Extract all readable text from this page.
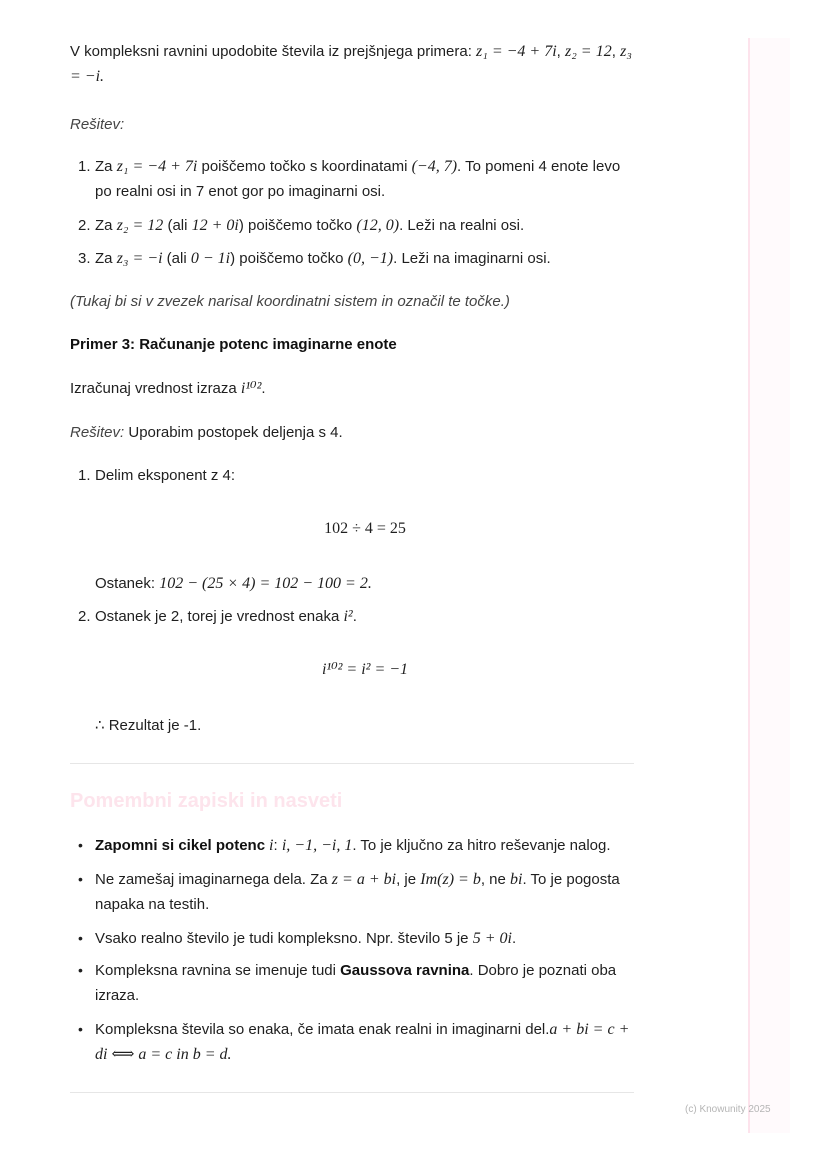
V kompleksni ravnini upodobite števila iz prejšnjega primera: z₁ = −4 + 7i, z₂ = 12, z₃ = −i.
Rešitev:
1. Za z₁ = −4 + 7i poiščemo točko s koordinatami (−4, 7). To pomeni 4 enote levo po realni osi in 7 enot gor po imaginarni osi.
2. Za z₂ = 12 (ali 12 + 0i) poiščemo točko (12, 0). Leži na realni osi.
3. Za z₃ = −i (ali 0 − 1i) poiščemo točko (0, −1). Leži na imaginarni osi.
(Tukaj bi si v zvezek narisal koordinatni sistem in označil te točke.)
Primer 3: Računanje potenc imaginarne enote
Izračunaj vrednost izraza i¹⁰².
Rešitev: Uporabim postopek deljenja s 4.
1. Delim eksponent z 4:
102 ÷ 4 = 25
Ostanek: 102 − (25 × 4) = 102 − 100 = 2.
2. Ostanek je 2, torej je vrednost enaka i².
i¹⁰² = i² = −1
∴ Rezultat je -1.
Pomembni zapiski in nasveti
• Zapomni si cikel potenc i: i, −1, −i, 1. To je ključno za hitro reševanje nalog.
• Ne zamešaj imaginarnega dela. Za z = a + bi, je Im(z) = b, ne bi. To je pogosta napaka na testih.
• Vsako realno število je tudi kompleksno. Npr. število 5 je 5 + 0i.
• Kompleksna ravnina se imenuje tudi Gaussova ravnina. Dobro je poznati oba izraza.
• Kompleksna števila so enaka, če imata enak realni in imaginarni del.a + bi = c + di ⟺ a = c in b = d.
(c) Knowunity 2025
